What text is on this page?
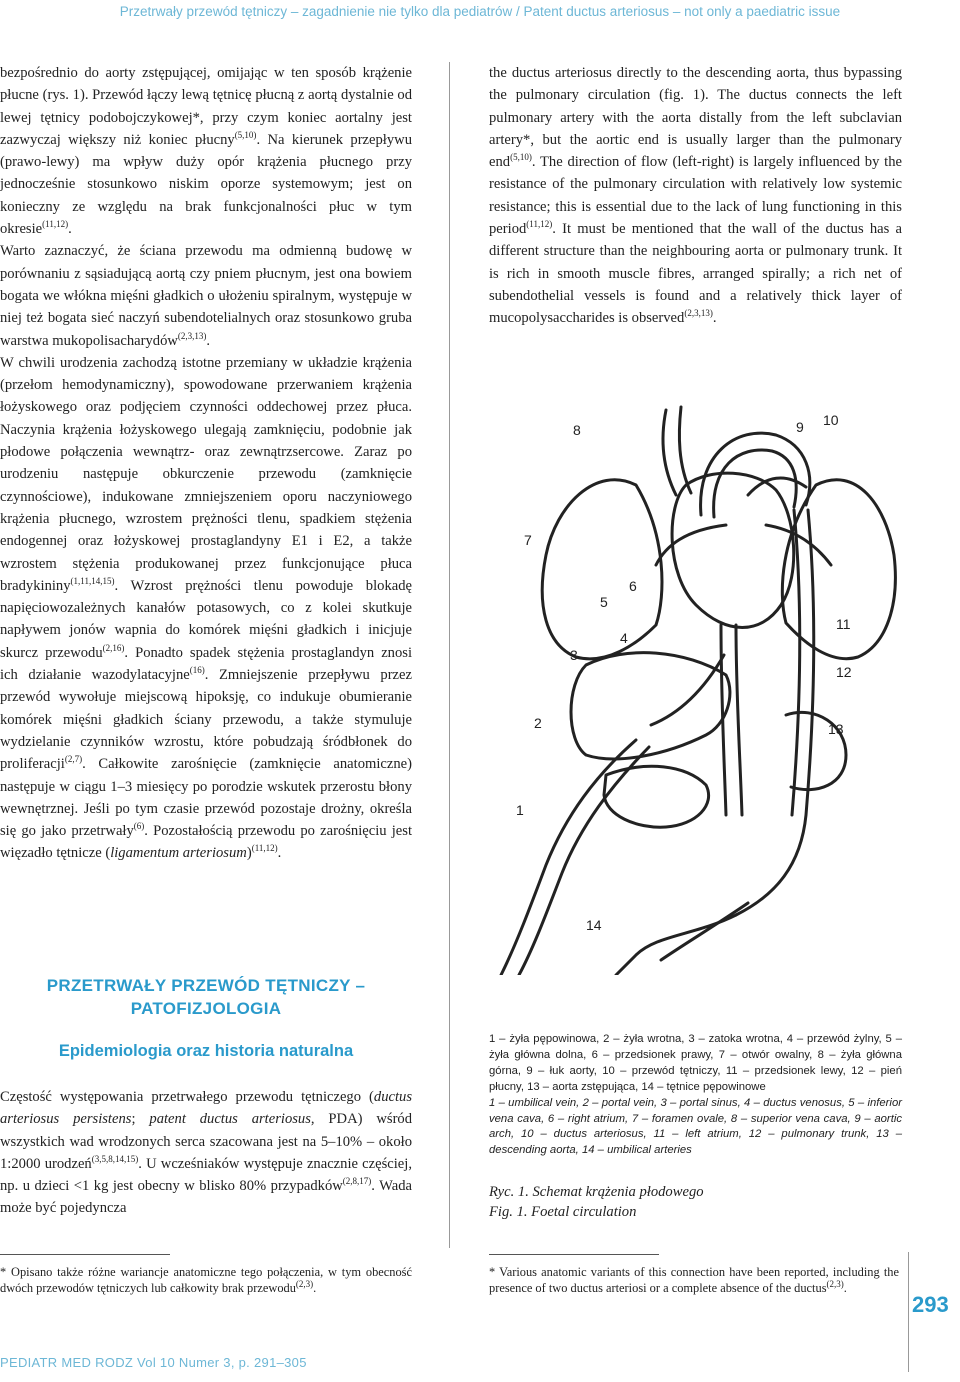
Przetrwały przewód tętniczy – zagadnienie nie tylko dla pediatrów / Patent ductus arteriosus – not only a paediatric issue

bezpośrednio do aorty zstępującej, omijając w ten sposób krążenie płucne (rys. 1). Przewód łączy lewą tętnicę płucną z aortą dystalnie od lewej tętnicy podobojczykowej*, przy czym koniec aortalny jest zazwyczaj większy niż koniec płucny$^{(5,10)}$. Na kierunek przepływu (prawo-lewy) ma wpływ duży opór krążenia płucnego przy jednocześnie stosunkowo niskim oporze systemowym; jest on konieczny ze względu na brak funkcjonalności płuc w tym okresie$^{(11,12)}$.

Warto zaznaczyć, że ściana przewodu ma odmienną budowę w porównaniu z sąsiadującą aortą czy pniem płucnym, jest ona bowiem bogata we włókna mięśni gładkich o ułożeniu spiralnym, występuje w niej też bogata sieć naczyń subendotelialnych oraz stosunkowo gruba warstwa mukopolisacharydów$^{(2,3,13)}$.

W chwili urodzenia zachodzą istotne przemiany w układzie krążenia (przełom hemodynamiczny), spowodowane przerwaniem krążenia łożyskowego oraz podjęciem czynności oddechowej przez płuca. Naczynia krążenia łożyskowego ulegają zamknięciu, podobnie jak płodowe połączenia wewnątrz- oraz zewnątrzsercowe. Zaraz po urodzeniu następuje obkurczenie przewodu (zamknięcie czynnościowe), indukowane zmniejszeniem oporu naczyniowego krążenia płucnego, wzrostem prężności tlenu, spadkiem stężenia endogennej oraz łożyskowej prostaglandyny E1 i E2, a także wzrostem stężenia produkowanej przez funkcjonujące płuca bradykininy$^{(1,11,14,15)}$. Wzrost prężności tlenu powoduje blokadę napięciowozależnych kanałów potasowych, co z kolei skutkuje napływem jonów wapnia do komórek mięśni gładkich i inicjuje skurcz przewodu$^{(2,16)}$. Ponadto spadek stężenia prostaglandyn znosi ich działanie wazodylatacyjne$^{(16)}$. Zmniejszenie przepływu przez przewód wywołuje miejscową hipoksję, co indukuje obumieranie komórek mięśni gładkich ściany przewodu, a także stymuluje wydzielanie czynników wzrostu, które pobudzają śródbłonek do proliferacji$^{(2,7)}$. Całkowite zarośnięcie (zamknięcie anatomiczne) następuje w ciągu 1–3 miesięcy po porodzie wskutek przerostu błony wewnętrznej. Jeśli po tym czasie przewód pozostaje drożny, określa się go jako przetrwały$^{(6)}$. Pozostałością przewodu po zarośnięciu jest więzadło tętnicze (ligamentum arteriosum)$^{(11,12)}$.

PRZETRWAŁY PRZEWÓD TĘTNICZY –
PATOFIZJOLOGIA
Epidemiologia oraz historia naturalna
Częstość występowania przetrwałego przewodu tętniczego (ductus arteriosus persistens; patent ductus arteriosus, PDA) wśród wszystkich wad wrodzonych serca szacowana jest na 5–10% – około 1:2000 urodzeń$^{(3,5,8,14,15)}$. U wcześniaków występuje znacznie częściej, np. u dzieci <1 kg jest obecny w blisko 80% przypadków$^{(2,8,17)}$. Wada może być pojedyncza

the ductus arteriosus directly to the descending aorta, thus bypassing the pulmonary circulation (fig. 1). The ductus connects the left pulmonary artery with the aorta distally from the left subclavian artery*, but the aortic end is usually larger than the pulmonary end$^{(5,10)}$. The direction of flow (left-right) is largely influenced by the resistance of the pulmonary circulation with relatively low systemic resistance; this is essential due to the lack of lung functioning in this period$^{(11,12)}$. It must be mentioned that the wall of the ductus has a different structure than the neighbouring aorta or pulmonary trunk. It is rich in smooth muscle fibres, arranged spirally; a rich net of subendothelial vessels is found and a relatively thick layer of mucopolysaccharides is observed$^{(2,3,13)}$.

1
2
3
4
5
6
7
8	9 10
11
12
13
14
1 – żyła pępowinowa, 2 – żyła wrotna, 3 – zatoka wrotna, 4 – przewód żylny, 5 – żyła główna dolna, 6 – przedsionek prawy, 7 – otwór owalny, 8 – żyła główna górna, 9 – łuk aorty, 10 – przewód tętniczy, 11 – przedsionek lewy, 12 – pień płucny, 13 – aorta zstępująca, 14 – tętnice pępowinowe
1 – umbilical vein, 2 – portal vein, 3 – portal sinus, 4 – ductus venosus, 5 – inferior vena cava, 6 – right atrium, 7 – foramen ovale, 8 – superior vena cava, 9 – aortic arch, 10 – ductus arteriosus, 11 – left atrium, 12 – pulmonary trunk, 13 – descending aorta, 14 – umbilical arteries
Ryc. 1. Schemat krążenia płodowego
Fig. 1. Foetal circulation
* Opisano także różne wariancje anatomiczne tego połączenia, w tym obecność dwóch przewodów tętniczych lub całkowity brak przewodu$^{(2,3)}$.
* Various anatomic variants of this connection have been reported, including the presence of two ductus arteriosi or a complete absence of the ductus$^{(2,3)}$.
293
PEDIATR MED RODZ Vol 10 Numer 3, p. 291–305
